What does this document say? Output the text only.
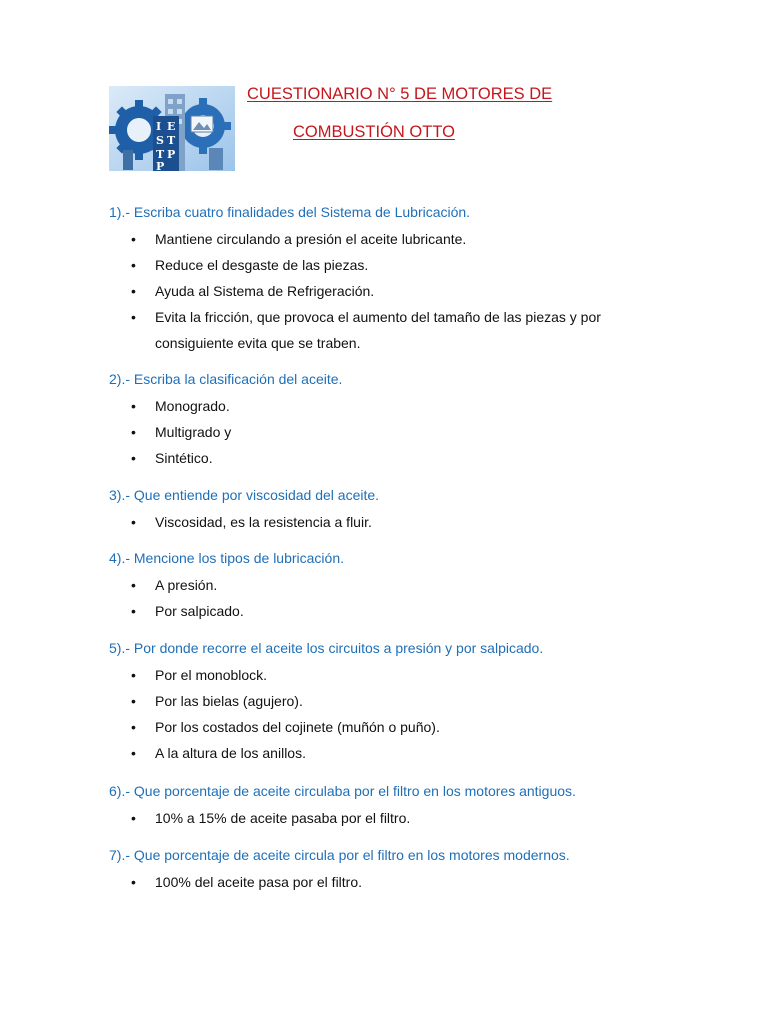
I E
S T
T P
P
CUESTIONARIO N° 5 DE MOTORES DE
COMBUSTIÓN OTTO
1).- Escriba cuatro finalidades del Sistema de Lubricación.
• Mantiene circulando a presión el aceite lubricante.
• Reduce el desgaste de las piezas.
• Ayuda al Sistema de Refrigeración.
• Evita la fricción, que provoca el aumento del tamaño de las piezas y por consiguiente evita que se traben.
2).- Escriba la clasificación del aceite.
• Monogrado.
• Multigrado y
• Sintético.
3).- Que entiende por viscosidad del aceite.
• Viscosidad, es la resistencia a fluir.
4).- Mencione los tipos de lubricación.
• A presión.
• Por salpicado.
5).- Por donde recorre el aceite los circuitos a presión y por salpicado.
• Por el monoblock.
• Por las bielas (agujero).
• Por los costados del cojinete (muñón o puño).
• A la altura de los anillos.
6).- Que porcentaje de aceite circulaba por el filtro en los motores antiguos.
• 10% a 15% de aceite pasaba por el filtro.
7).- Que porcentaje de aceite circula por el filtro en los motores modernos.
• 100% del aceite pasa por el filtro.
